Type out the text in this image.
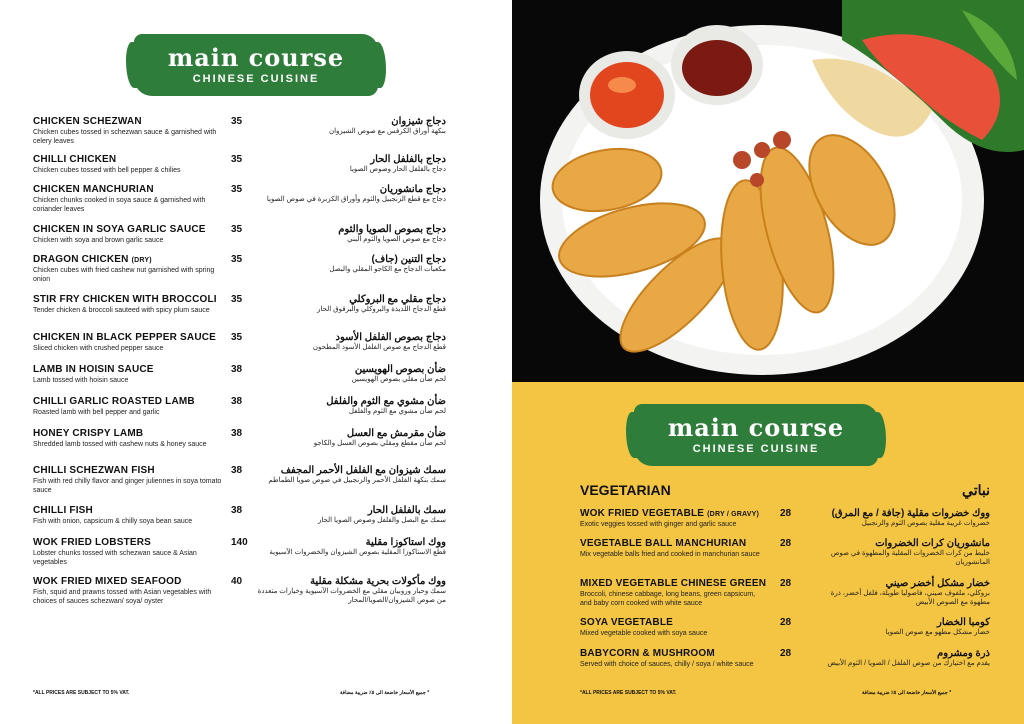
main course
CHINESE CUISINE
CHICKEN SCHEZWAN
Chicken cubes tossed in schezwan sauce & garnished with celery leaves
35	دجاج شيزوان
بنكهة أوراق الكرفس مع صوص الشيزوان
CHILLI CHICKEN
Chicken cubes tossed with bell pepper & chilies
35	دجاج بالفلفل الحار
دجاج بالفلفل الحار وصوص الصويا
CHICKEN MANCHURIAN
Chicken chunks cooked in soya sauce & garnished with coriander leaves
35	دجاج مانشوريان
دجاج مع قطع الزنجبيل والثوم وأوراق الكزبرة في صوص الصويا
CHICKEN IN SOYA GARLIC SAUCE
Chicken with soya and brown garlic sauce
35	دجاج بصوص الصويا والثوم
دجاج مع صوص الصويا والثوم البني
DRAGON CHICKEN (DRY)
Chicken cubes with fried cashew nut garnished with spring onion
35	دجاج التنين (جاف)
مكعبات الدجاج مع الكاجو المقلي والبصل
STIR FRY CHICKEN WITH BROCCOLI
Tender chicken & broccoli sauteed with spicy plum sauce
35	دجاج مقلي مع البروكلي
قطع الدجاج اللذيذة والبروكلي والبرقوق الحار
CHICKEN IN BLACK PEPPER SAUCE
Sliced chicken with crushed pepper sauce
35	دجاج بصوص الفلفل الأسود
قطع الدجاج مع صوص الفلفل الأسود المطحون
LAMB IN HOISIN SAUCE
Lamb tossed with hoisin sauce
38	ضأن بصوص الهويسين
لحم ضأن مقلي بصوص الهويسين
CHILLI GARLIC ROASTED LAMB
Roasted lamb with bell pepper and garlic
38	ضأن مشوي مع الثوم والفلفل
لحم ضأن مشوي مع الثوم والفلفل
HONEY CRISPY LAMB
Shredded lamb tossed with cashew nuts & honey sauce
38	ضأن مقرمش مع العسل
لحم ضأن مقطع ومقلي بصوص العسل والكاجو
CHILLI SCHEZWAN FISH
Fish with red chilly flavor and ginger juliennes in soya tomato sauce
38	سمك شيزوان مع الفلفل الأحمر المجفف
سمك بنكهة الفلفل الأحمر والزنجبيل في صوص صويا الطماطم
CHILLI FISH
Fish with onion, capsicum & chilly soya bean sauce
38	سمك بالفلفل الحار
سمك مع البصل والفلفل وصوص الصويا الحار
WOK FRIED LOBSTERS
Lobster chunks tossed with schezwan sauce & Asian vegetables
140	ووك استاكوزا مقلية
قطع الاستاكوزا المقلية بصوص الشيزوان والخضروات الآسيوية
WOK FRIED MIXED SEAFOOD
Fish, squid and prawns tossed with Asian vegetables with choices of sauces schezwan/ soya/ oyster
40	ووك مأكولات بحرية مشكلة مقلية
سمك وحبار وروبيان مقلي مع الخضروات الآسيوية وخيارات متعددة من صوص الشيزوان/الصويا/المحار
*ALL PRICES ARE SUBJECT TO 5% VAT.	* جميع الأسعار خاضعة الى ٥٪ ضريبة مضافة
main course
CHINESE CUISINE
VEGETARIAN	نباتي
WOK FRIED VEGETABLE (DRY / GRAVY)
Exotic veggies tossed with ginger and garlic sauce
28	ووك خضروات مقلية (جافة / مع المرق)
خضروات غريبة مقلية بصوص الثوم والزنجبيل
VEGETABLE BALL MANCHURIAN
Mix vegetable balls fried and cooked in manchurian sauce
28	مانشوريان كرات الخضروات
خليط من كرات الخضروات المقلية والمطهوة في صوص المانشوريان
MIXED VEGETABLE CHINESE GREEN
Broccoli, chinese cabbage, long beans, green capsicum, and baby corn cooked with white sauce
28	خضار مشكل أخضر صيني
بروكلي، ملفوف صيني، فاصوليا طويلة، فلفل أخضر، ذرة مطهوة مع الصوص الأبيض
SOYA VEGETABLE
Mixed vegetable cooked with soya sauce
28	كومبا الخضار
خضار مشكل مطهو مع صوص الصويا
BABYCORN & MUSHROOM
Served with choice of sauces, chilly / soya / white sauce
28	ذرة ومشروم
يقدم مع اختيارك من صوص الفلفل / الصويا / الثوم الأبيض
*ALL PRICES ARE SUBJECT TO 5% VAT.	* جميع الأسعار خاضعة الى ٥٪ ضريبة مضافة
